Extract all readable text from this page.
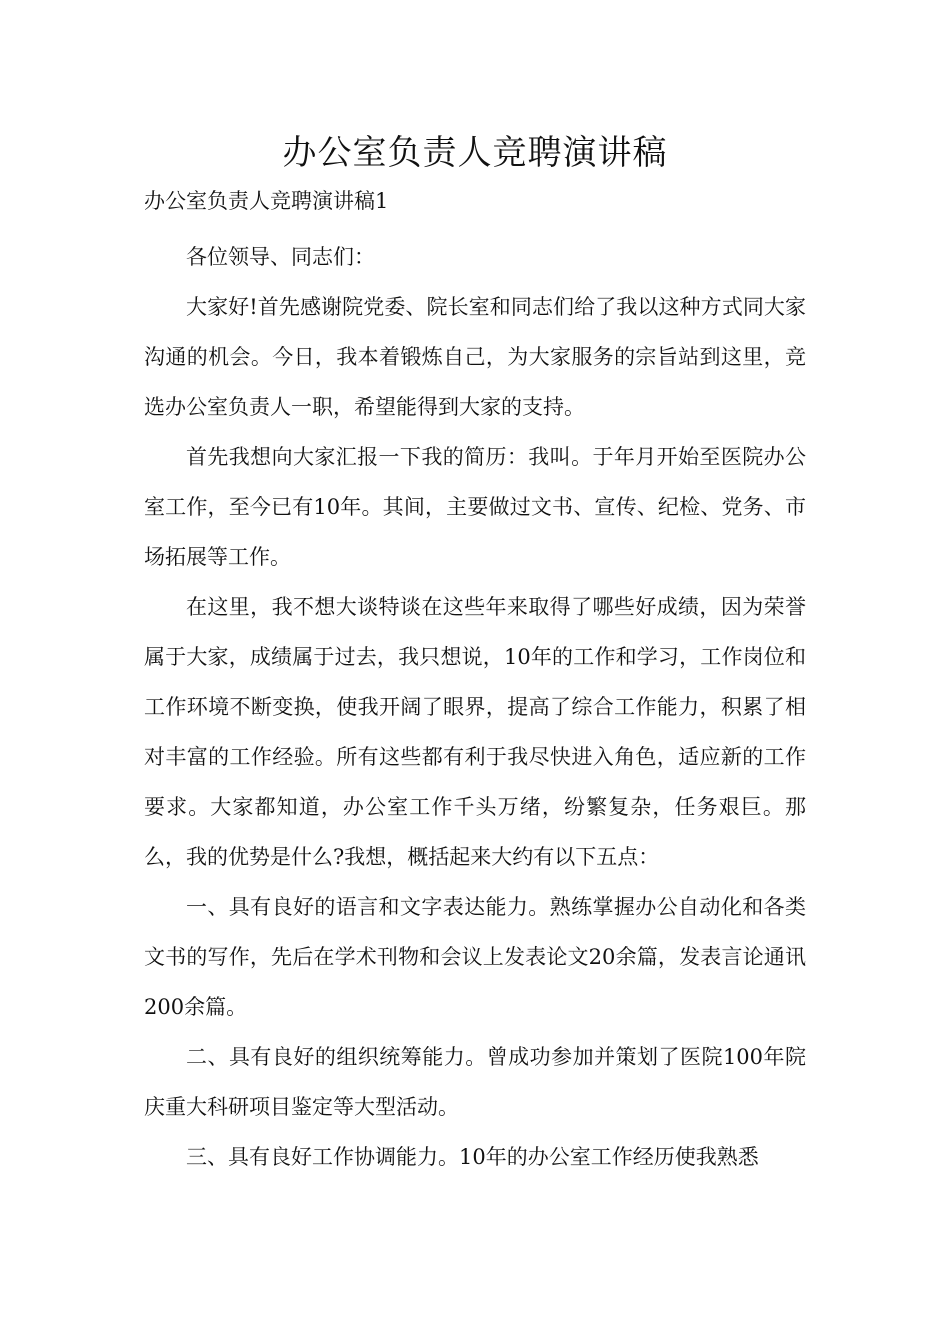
办公室负责人竞聘演讲稿
办公室负责人竞聘演讲稿1

各位领导、同志们：

大家好!首先感谢院党委、院长室和同志们给了我以这种方式同大家沟通的机会。今日，我本着锻炼自己，为大家服务的宗旨站到这里，竞选办公室负责人一职，希望能得到大家的支持。

首先我想向大家汇报一下我的简历：我叫。于年月开始至医院办公室工作，至今已有10年。其间，主要做过文书、宣传、纪检、党务、市场拓展等工作。

在这里，我不想大谈特谈在这些年来取得了哪些好成绩，因为荣誉属于大家，成绩属于过去，我只想说，10年的工作和学习，工作岗位和工作环境不断变换，使我开阔了眼界，提高了综合工作能力，积累了相对丰富的工作经验。所有这些都有利于我尽快进入角色，适应新的工作要求。大家都知道，办公室工作千头万绪，纷繁复杂，任务艰巨。那么，我的优势是什么?我想，概括起来大约有以下五点：

一、具有良好的语言和文字表达能力。熟练掌握办公自动化和各类文书的写作，先后在学术刊物和会议上发表论文20余篇，发表言论通讯200余篇。

二、具有良好的组织统筹能力。曾成功参加并策划了医院100年院庆重大科研项目鉴定等大型活动。

三、具有良好工作协调能力。10年的办公室工作经历使我熟悉
